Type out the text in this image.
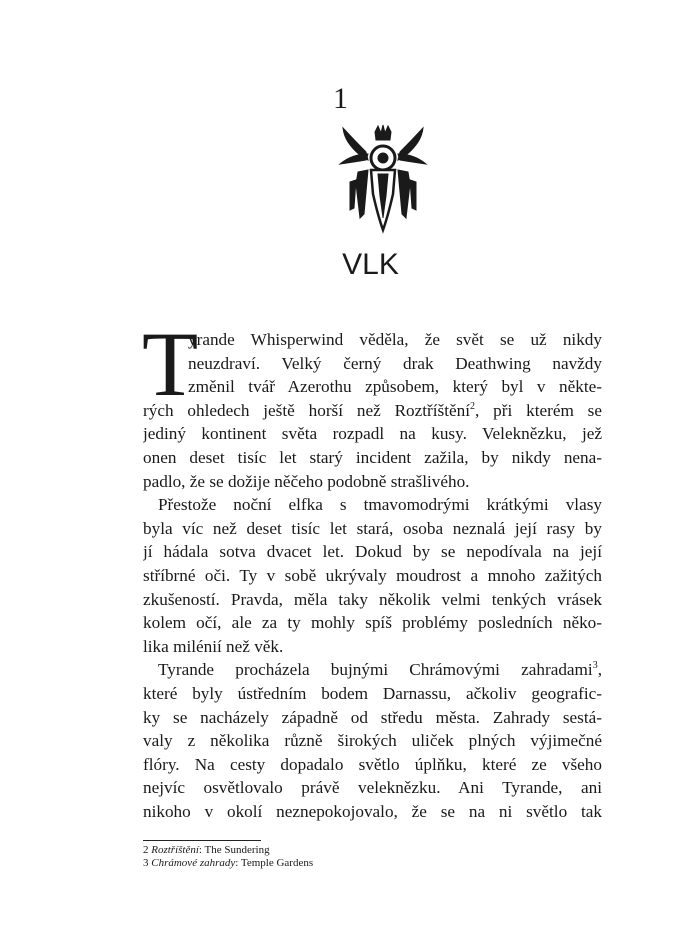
1
VLK
T
yrande Whisperwind věděla, že svět se už nikdy
neuzdraví. Velký černý drak Deathwing navždy
změnil tvář Azerothu způsobem, který byl v někte-
rých ohledech ještě horší než Roztříštění$^2$, při kterém se
jediný kontinent světa rozpadl na kusy. Veleknězku, jež
onen deset tisíc let starý incident zažila, by nikdy nena-
padlo, že se dožije něčeho podobně strašlivého.
Přestože noční elfka s tmavomodrými krátkými vlasy
byla víc než deset tisíc let stará, osoba neznalá její rasy by
jí hádala sotva dvacet let. Dokud by se nepodívala na její
stříbrné oči. Ty v sobě ukrývaly moudrost a mnoho zažitých
zkušeností. Pravda, měla taky několik velmi tenkých vrásek
kolem očí, ale za ty mohly spíš problémy posledních něko-
lika milénií než věk.
Tyrande procházela bujnými Chrámovými zahradami$^3$,
které byly ústředním bodem Darnassu, ačkoliv geografic-
ky se nacházely západně od středu města. Zahrady sestá-
valy z několika různě širokých uliček plných výjimečné
flóry. Na cesty dopadalo světlo úplňku, které ze všeho
nejvíc osvětlovalo právě veleknězku. Ani Tyrande, ani
nikoho v okolí neznepokojovalo, že se na ni světlo tak
2 Roztříštění: The Sundering
3 Chrámové zahrady: Temple Gardens
